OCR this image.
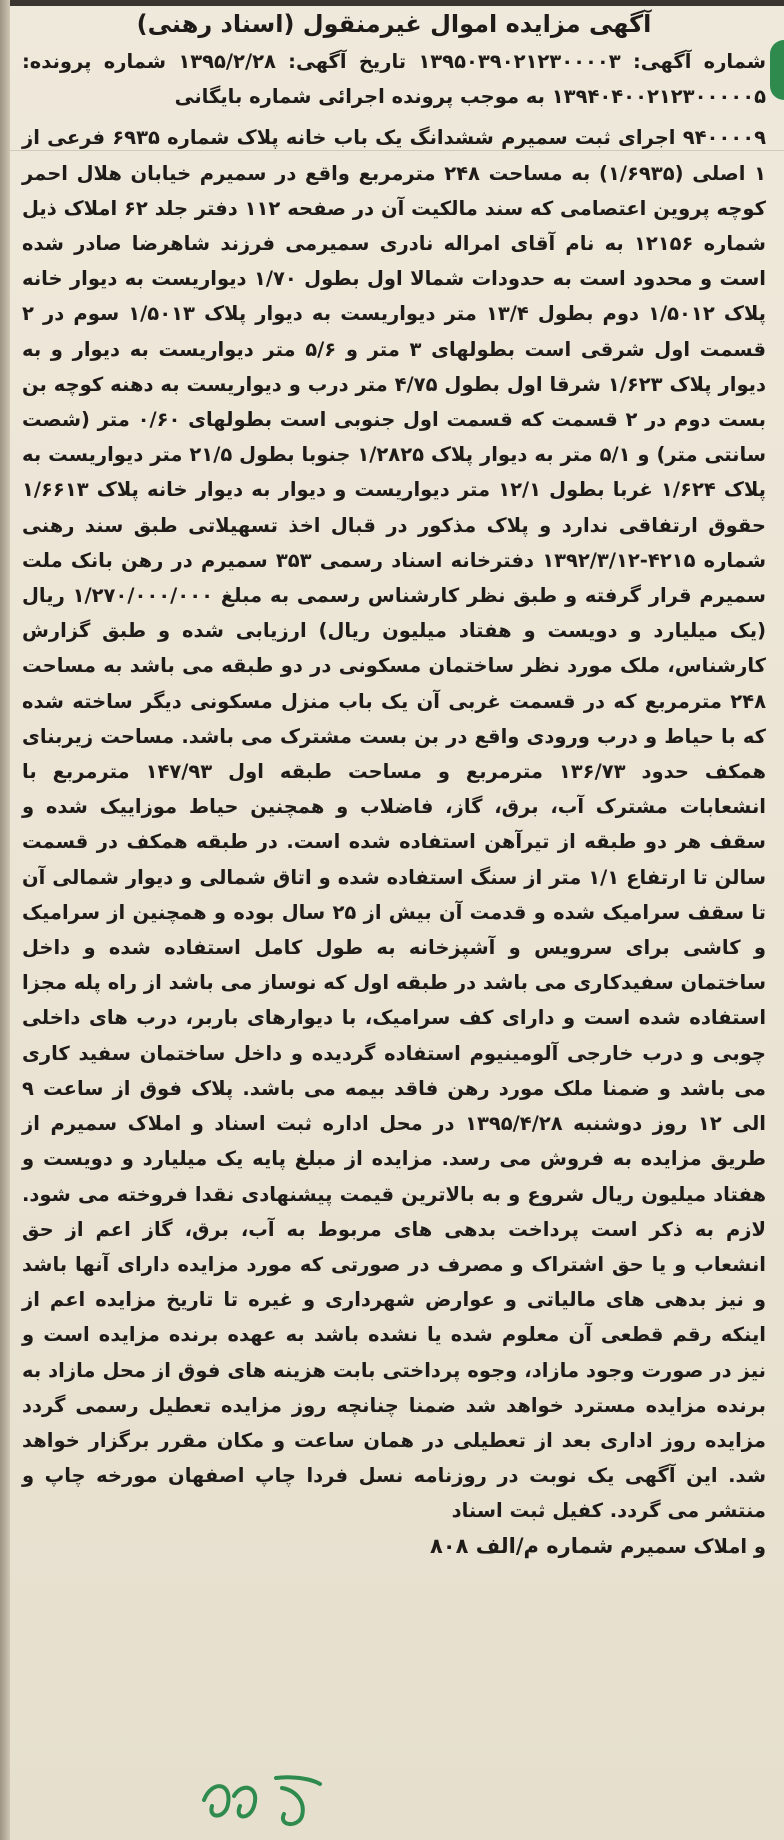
آگهی مزایده اموال غیرمنقول (اسناد رهنی)

شماره آگهی: ۱۳۹۵۰۳۹۰۲۱۲۳۰۰۰۰۳ تاریخ آگهی: ۱۳۹۵/۲/۲۸ شماره پرونده: ۱۳۹۴۰۴۰۰۲۱۲۳۰۰۰۰۰۵ به موجب پرونده اجرائی شماره بایگانی

۹۴۰۰۰۰۹ اجرای ثبت سمیرم ششدانگ یک باب خانه پلاک شماره ۶۹۳۵ فرعی از ۱ اصلی (۱/۶۹۳۵) به مساحت ۲۴۸ مترمربع واقع در سمیرم خیابان هلال احمر کوچه پروین اعتصامی که سند مالکیت آن در صفحه ۱۱۲ دفتر جلد ۶۲ املاک ذیل شماره ۱۲۱۵۶ به نام آقای امراله نادری سمیرمی فرزند شاهرضا صادر شده است و محدود است به حدودات شمالا اول بطول ۱/۷۰ دیواریست به دیوار خانه پلاک ۱/۵۰۱۲ دوم بطول ۱۳/۴ متر دیواریست به دیوار پلاک ۱/۵۰۱۳ سوم در ۲ قسمت اول شرقی است بطولهای ۳ متر و ۵/۶ متر دیواریست به دیوار و به دیوار پلاک ۱/۶۲۳ شرقا اول بطول ۴/۷۵ متر درب و دیواریست به دهنه کوچه بن بست دوم در ۲ قسمت که قسمت اول جنوبی است بطولهای ۰/۶۰ متر (شصت سانتی متر) و ۵/۱ متر به دیوار پلاک ۱/۲۸۲۵ جنوبا بطول ۲۱/۵ متر دیواریست به پلاک ۱/۶۲۴ غربا بطول ۱۲/۱ متر دیواریست و دیوار به دیوار خانه پلاک ۱/۶۶۱۳ حقوق ارتفاقی ندارد و پلاک مذکور در قبال اخذ تسهیلاتی طبق سند رهنی شماره ۴۲۱۵-۱۳۹۲/۳/۱۲ دفترخانه اسناد رسمی ۳۵۳ سمیرم در رهن بانک ملت سمیرم قرار گرفته و طبق نظر کارشناس رسمی به مبلغ ۱/۲۷۰/۰۰۰/۰۰۰ ریال (یک میلیارد و دویست و هفتاد میلیون ریال) ارزیابی شده و طبق گزارش کارشناس، ملک مورد نظر ساختمان مسکونی در دو طبقه می باشد به مساحت ۲۴۸ مترمربع که در قسمت غربی آن یک باب منزل مسکونی دیگر ساخته شده که با حیاط و درب ورودی واقع در بن بست مشترک می باشد. مساحت زیربنای همکف حدود ۱۳۶/۷۳ مترمربع و مساحت طبقه اول ۱۴۷/۹۳ مترمربع با انشعابات مشترک آب، برق، گاز، فاضلاب و همچنین حیاط موزاییک شده و سقف هر دو طبقه از تیرآهن استفاده شده است. در طبقه همکف در قسمت سالن تا ارتفاع ۱/۱ متر از سنگ استفاده شده و اتاق شمالی و دیوار شمالی آن تا سقف سرامیک شده و قدمت آن بیش از ۲۵ سال بوده و همچنین از سرامیک و کاشی برای سرویس و آشپزخانه به طول کامل استفاده شده و داخل ساختمان سفیدکاری می باشد در طبقه اول که نوساز می باشد از راه پله مجزا استفاده شده است و دارای کف سرامیک، با دیوارهای باربر، درب های داخلی چوبی و درب خارجی آلومینیوم استفاده گردیده و داخل ساختمان سفید کاری می باشد و ضمنا ملک مورد رهن فاقد بیمه می باشد. پلاک فوق از ساعت ۹ الی ۱۲ روز دوشنبه ۱۳۹۵/۴/۲۸ در محل اداره ثبت اسناد و املاک سمیرم از طریق مزایده به فروش می رسد. مزایده از مبلغ پایه یک میلیارد و دویست و هفتاد میلیون ریال شروع و به بالاترین قیمت پیشنهادی نقدا فروخته می شود. لازم به ذکر است پرداخت بدهی های مربوط به آب، برق، گاز اعم از حق انشعاب و یا حق اشتراک و مصرف در صورتی که مورد مزایده دارای آنها باشد و نیز بدهی های مالیاتی و عوارض شهرداری و غیره تا تاریخ مزایده اعم از اینکه رقم قطعی آن معلوم شده یا نشده باشد به عهده برنده مزایده است و نیز در صورت وجود مازاد، وجوه پرداختی بابت هزینه های فوق از محل مازاد به برنده مزایده مسترد خواهد شد ضمنا چنانچه روز مزایده تعطیل رسمی گردد مزایده روز اداری بعد از تعطیلی در همان ساعت و مکان مقرر برگزار خواهد شد. این آگهی یک نوبت در روزنامه نسل فردا چاپ اصفهان مورخه چاپ و منتشر می گردد. کفیل ثبت اسناد

و املاک سمیرم شماره م/الف ۸۰۸
